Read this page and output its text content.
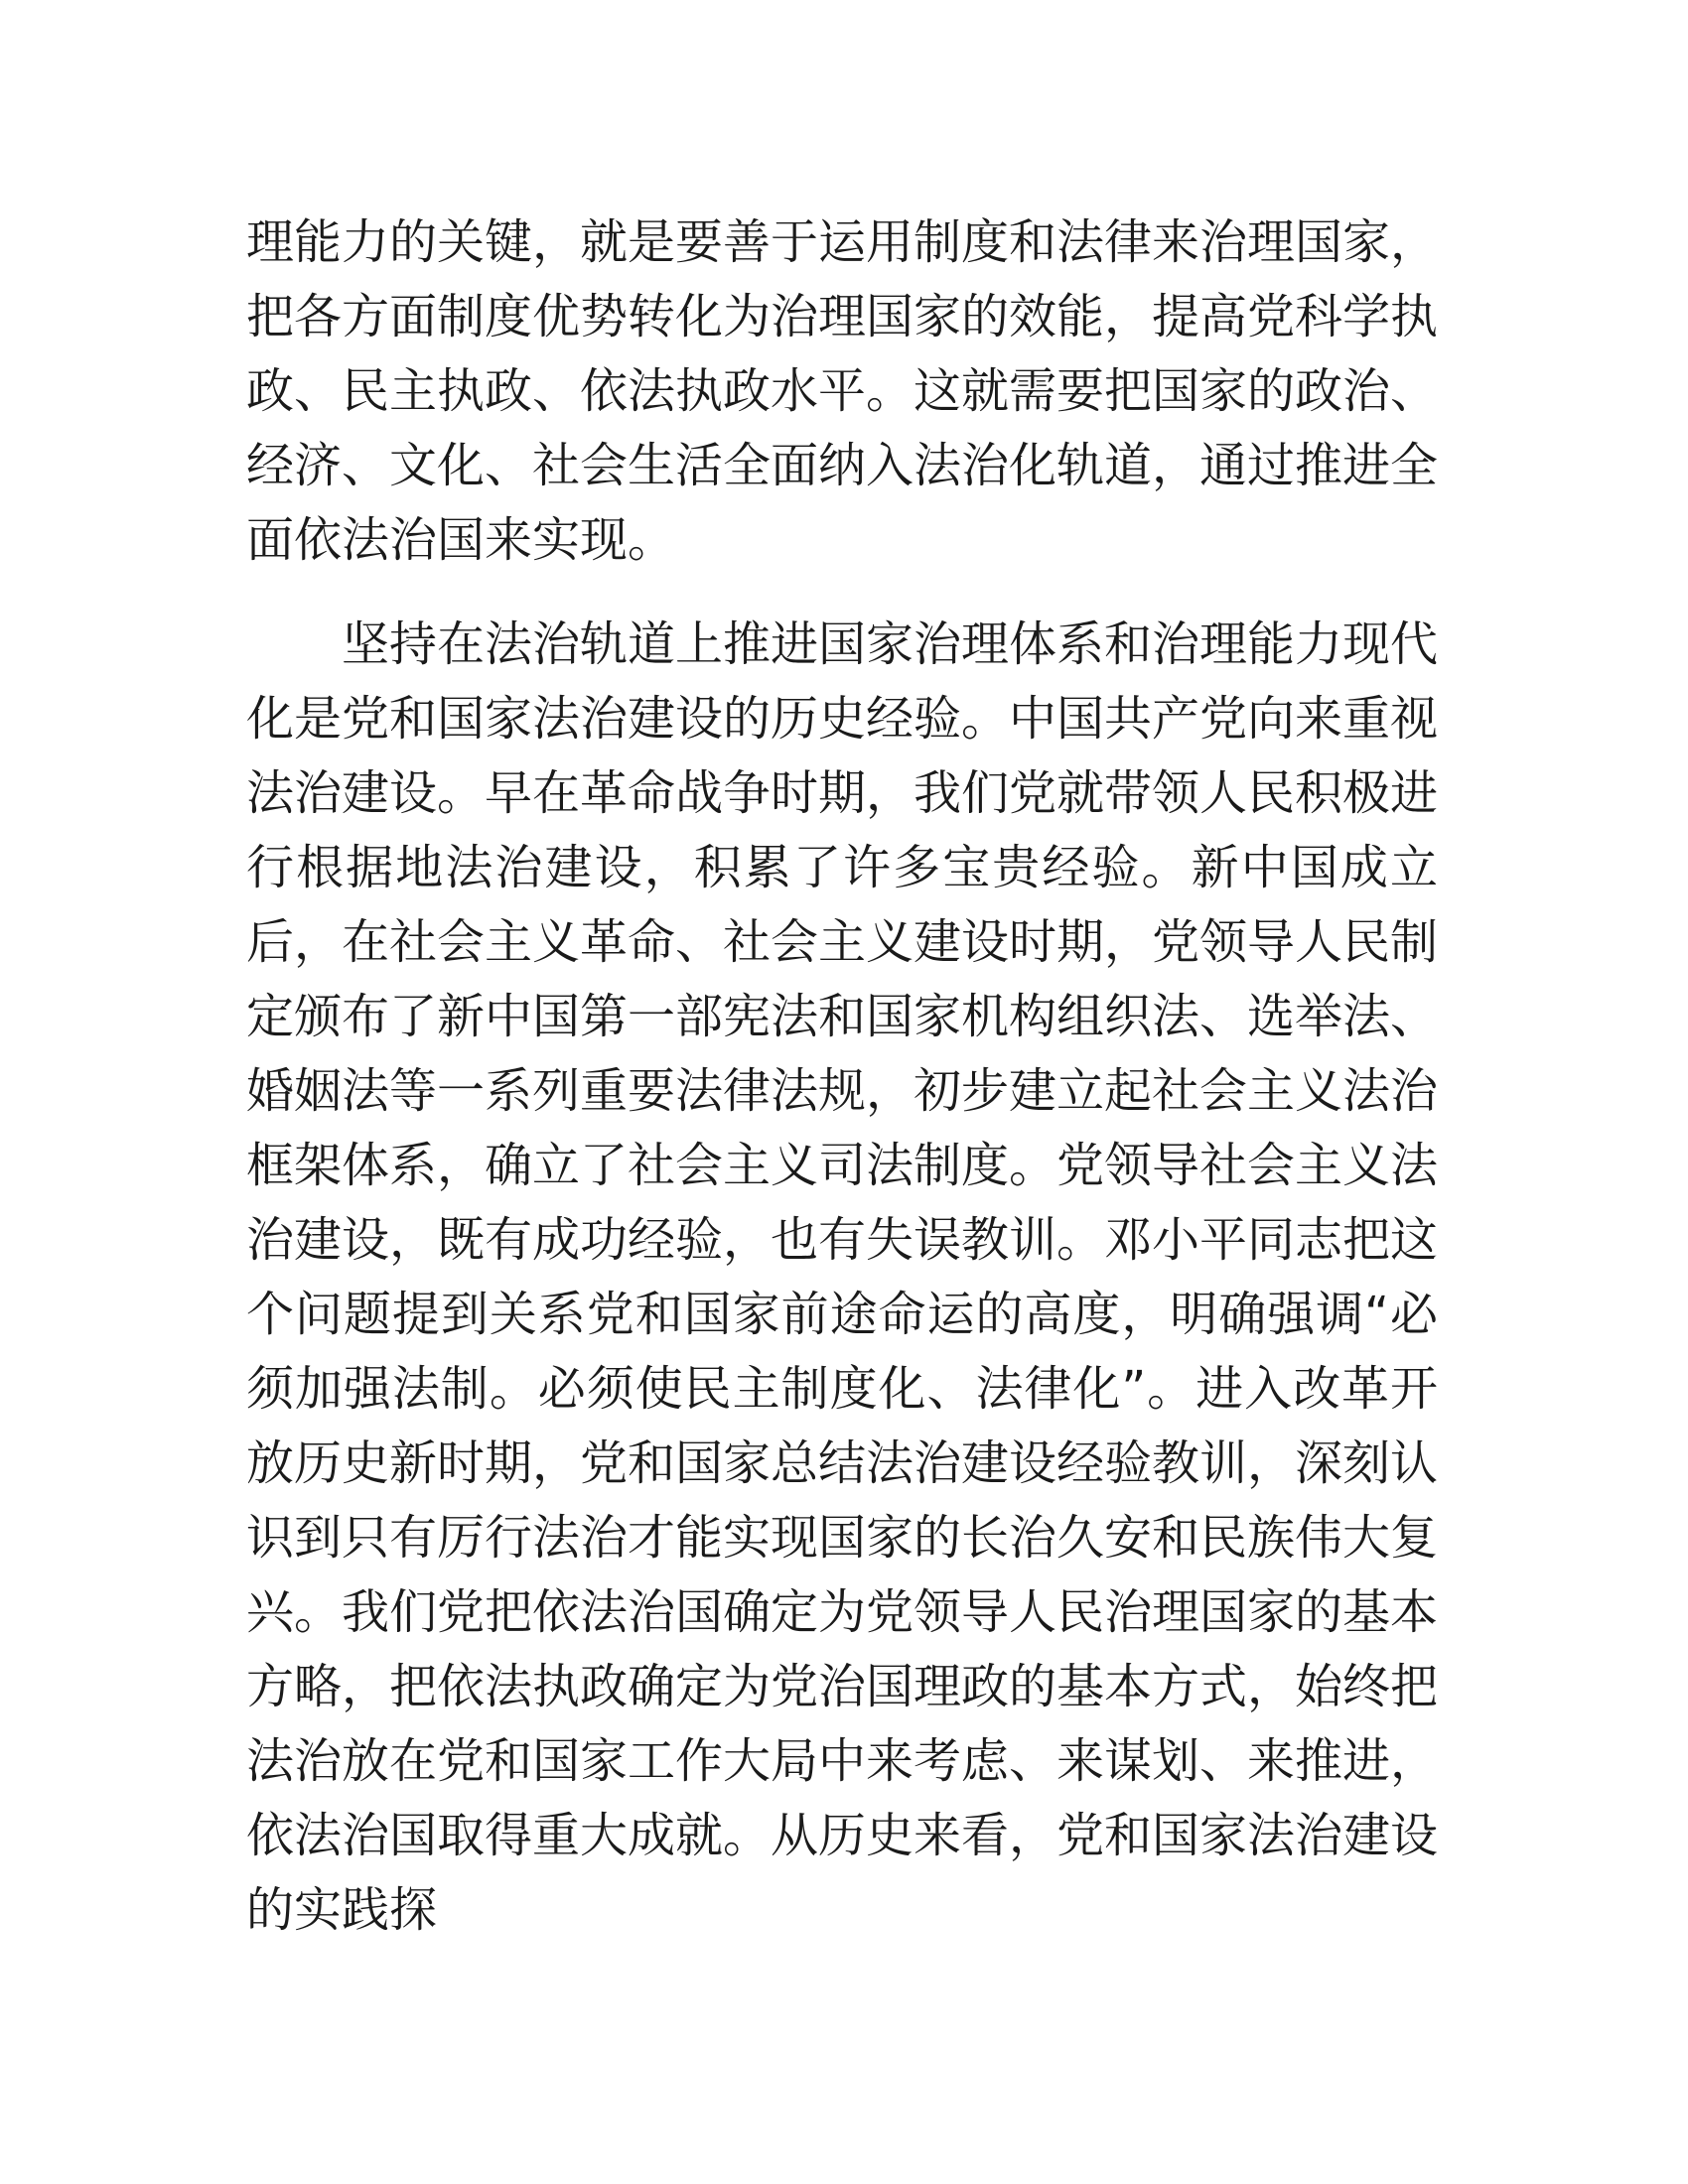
理能力的关键，就是要善于运用制度和法律来治理国家，把各方面制度优势转化为治理国家的效能，提高党科学执政、民主执政、依法执政水平。这就需要把国家的政治、经济、文化、社会生活全面纳入法治化轨道，通过推进全面依法治国来实现。

坚持在法治轨道上推进国家治理体系和治理能力现代化是党和国家法治建设的历史经验。中国共产党向来重视法治建设。早在革命战争时期，我们党就带领人民积极进行根据地法治建设，积累了许多宝贵经验。新中国成立后，在社会主义革命、社会主义建设时期，党领导人民制定颁布了新中国第一部宪法和国家机构组织法、选举法、婚姻法等一系列重要法律法规，初步建立起社会主义法治框架体系，确立了社会主义司法制度。党领导社会主义法治建设，既有成功经验，也有失误教训。邓小平同志把这个问题提到关系党和国家前途命运的高度，明确强调“必须加强法制。必须使民主制度化、法律化”。进入改革开放历史新时期，党和国家总结法治建设经验教训，深刻认识到只有厉行法治才能实现国家的长治久安和民族伟大复兴。我们党把依法治国确定为党领导人民治理国家的基本方略，把依法执政确定为党治国理政的基本方式，始终把法治放在党和国家工作大局中来考虑、来谋划、来推进，依法治国取得重大成就。从历史来看，党和国家法治建设的实践探
